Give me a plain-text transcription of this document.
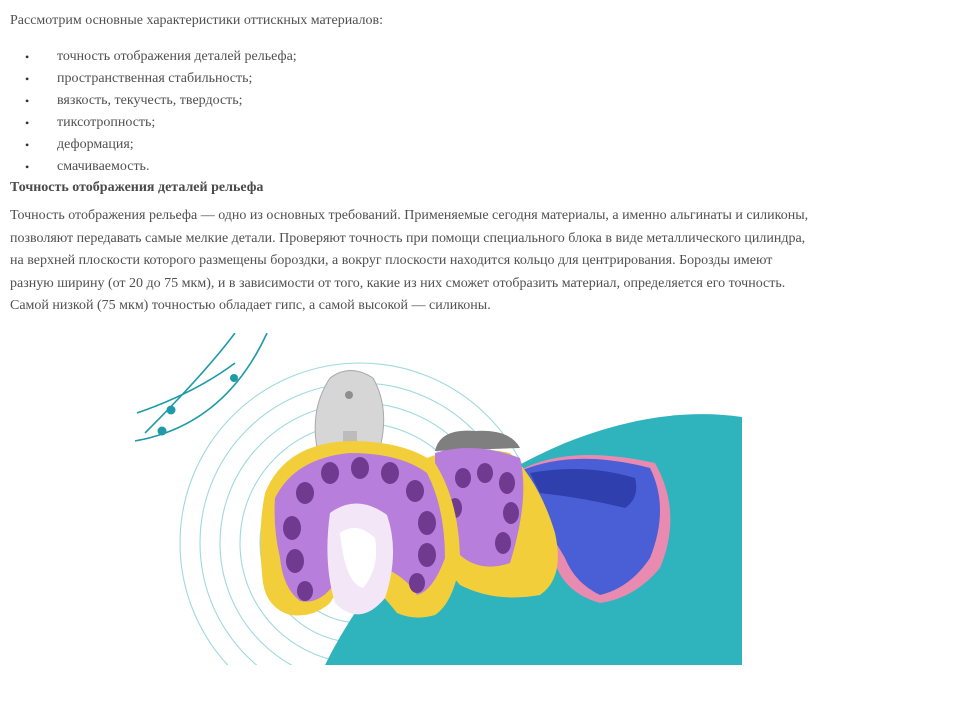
Рассмотрим основные характеристики оттискных материалов:

• точность отображения деталей рельефа;
• пространственная стабильность;
• вязкость, текучесть, твердость;
• тиксотропность;
• деформация;
• смачиваемость.
Точность отображения деталей рельефа

Точность отображения рельефа — одно из основных требований. Применяемые сегодня материалы, а именно альгинаты и силиконы,
позволяют передавать самые мелкие детали. Проверяют точность при помощи специального блока в виде металлического цилиндра,
на верхней плоскости которого размещены бороздки, а вокруг плоскости находится кольцо для центрирования. Борозды имеют
разную ширину (от 20 до 75 мкм), и в зависимости от того, какие из них сможет отобразить материал, определяется его точность.
Самой низкой (75 мкм) точностью обладает гипс, а самой высокой — силиконы.
